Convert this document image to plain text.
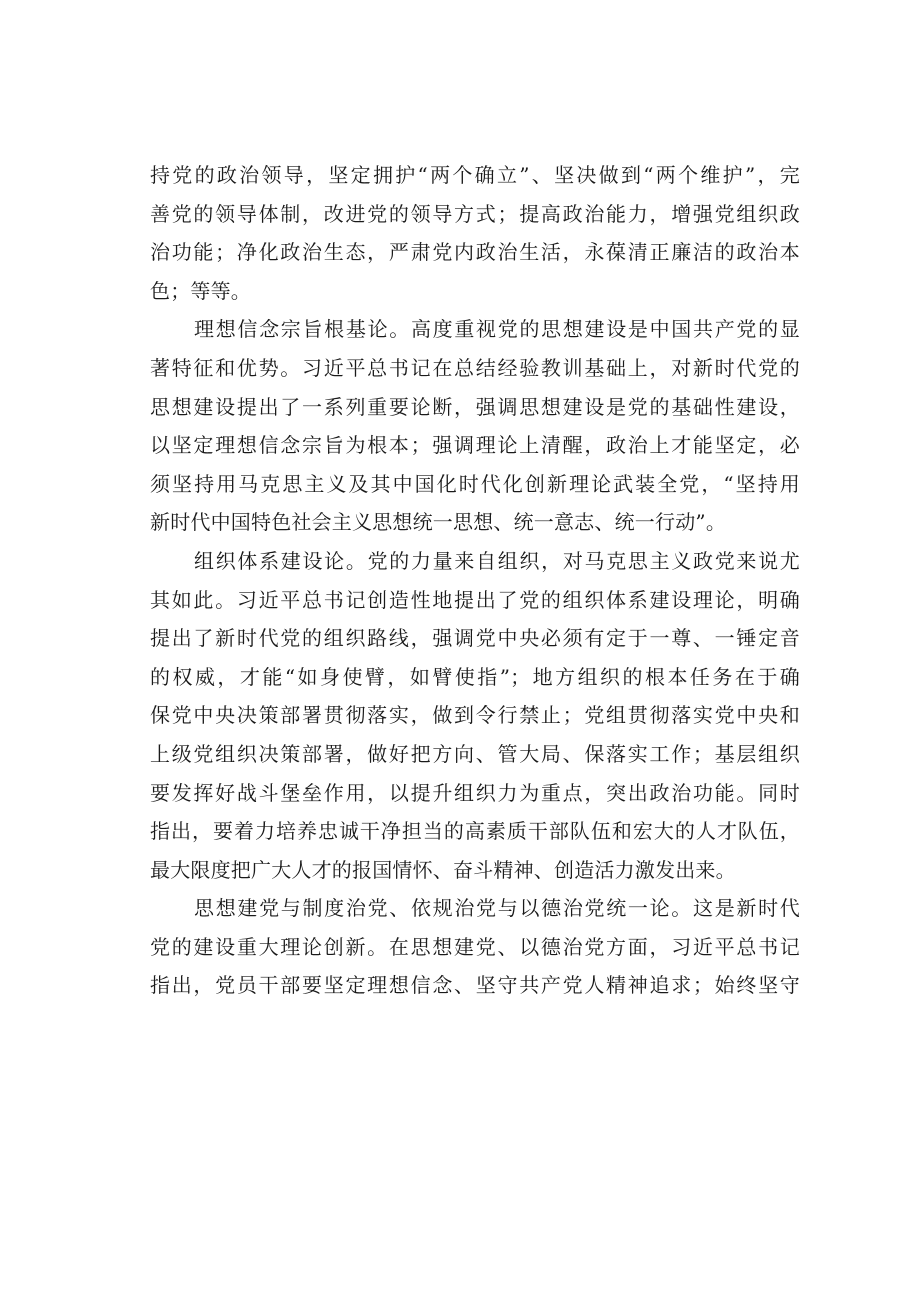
持党的政治领导，坚定拥护“两个确立”、坚决做到“两个维护”，完
善党的领导体制，改进党的领导方式；提高政治能力，增强党组织政
治功能；净化政治生态，严肃党内政治生活，永葆清正廉洁的政治本
色；等等。
理想信念宗旨根基论。高度重视党的思想建设是中国共产党的显
著特征和优势。习近平总书记在总结经验教训基础上，对新时代党的
思想建设提出了一系列重要论断，强调思想建设是党的基础性建设，
以坚定理想信念宗旨为根本；强调理论上清醒，政治上才能坚定，必
须坚持用马克思主义及其中国化时代化创新理论武装全党，“坚持用
新时代中国特色社会主义思想统一思想、统一意志、统一行动”。
组织体系建设论。党的力量来自组织，对马克思主义政党来说尤
其如此。习近平总书记创造性地提出了党的组织体系建设理论，明确
提出了新时代党的组织路线，强调党中央必须有定于一尊、一锤定音
的权威，才能“如身使臂，如臂使指”；地方组织的根本任务在于确
保党中央决策部署贯彻落实，做到令行禁止；党组贯彻落实党中央和
上级党组织决策部署，做好把方向、管大局、保落实工作；基层组织
要发挥好战斗堡垒作用，以提升组织力为重点，突出政治功能。同时
指出，要着力培养忠诚干净担当的高素质干部队伍和宏大的人才队伍，
最大限度把广大人才的报国情怀、奋斗精神、创造活力激发出来。
思想建党与制度治党、依规治党与以德治党统一论。这是新时代
党的建设重大理论创新。在思想建党、以德治党方面，习近平总书记
指出，党员干部要坚定理想信念、坚守共产党人精神追求；始终坚守
